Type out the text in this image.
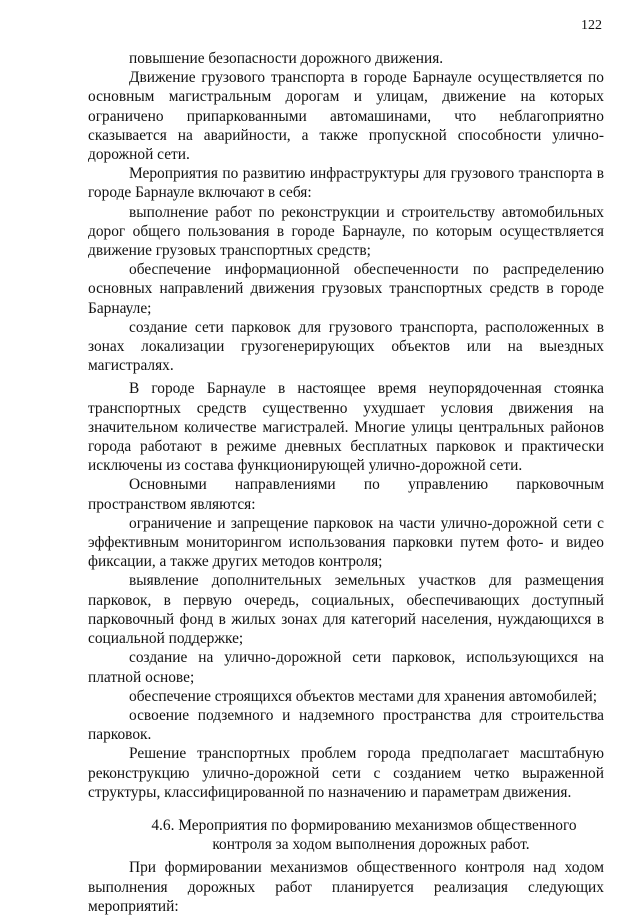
122

повышение безопасности дорожного движения.

Движение грузового транспорта в городе Барнауле осуществляется по основным магистральным дорогам и улицам, движение на которых ограничено припаркованными автомашинами, что неблагоприятно сказывается на аварийности, а также пропускной способности улично-дорожной сети.

Мероприятия по развитию инфраструктуры для грузового транспорта в городе Барнауле включают в себя:

выполнение работ по реконструкции и строительству автомобильных дорог общего пользования в городе Барнауле, по которым осуществляется движение грузовых транспортных средств;

обеспечение информационной обеспеченности по распределению основных направлений движения грузовых транспортных средств в городе Барнауле;

создание сети парковок для грузового транспорта, расположенных в зонах локализации грузогенерирующих объектов или на выездных магистралях.

В городе Барнауле в настоящее время неупорядоченная стоянка транспортных средств существенно ухудшает условия движения на значительном количестве магистралей. Многие улицы центральных районов города работают в режиме дневных бесплатных парковок и практически исключены из состава функционирующей улично-дорожной сети.

Основными направлениями по управлению парковочным пространством являются:

ограничение и запрещение парковок на части улично-дорожной сети с эффективным мониторингом использования парковки путем фото- и видео фиксации, а также других методов контроля;

выявление дополнительных земельных участков для размещения парковок, в первую очередь, социальных, обеспечивающих доступный парковочный фонд в жилых зонах для категорий населения, нуждающихся в социальной поддержке;

создание на улично-дорожной сети парковок, использующихся на платной основе;

обеспечение строящихся объектов местами для хранения автомобилей;

освоение подземного и надземного пространства для строительства парковок.

Решение транспортных проблем города предполагает масштабную реконструкцию улично-дорожной сети с созданием четко выраженной структуры, классифицированной по назначению и параметрам движения.

4.6. Мероприятия по формированию механизмов общественного
контроля за ходом выполнения дорожных работ.

При формировании механизмов общественного контроля над ходом выполнения дорожных работ планируется реализация следующих мероприятий:
